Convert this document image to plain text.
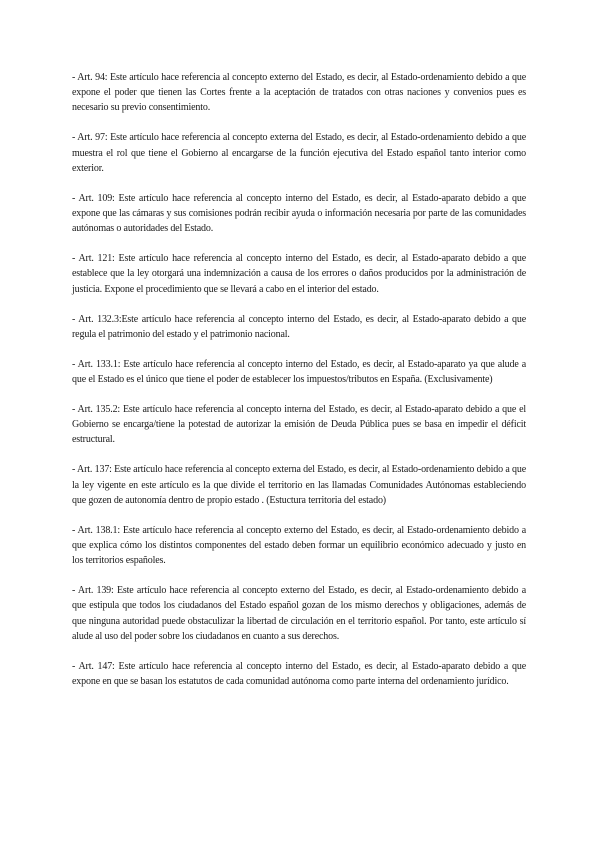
- Art. 94: Este artículo hace referencia al concepto externo del Estado, es decir, al Estado-ordenamiento debido a que expone el poder que tienen las Cortes frente a la aceptación de tratados con otras naciones y convenios pues es necesario su previo consentimiento.

- Art. 97: Este artículo hace referencia al concepto externa del Estado, es decir, al Estado-ordenamiento debido a que muestra el rol que tiene el Gobierno al encargarse de la función ejecutiva del Estado español tanto interior como exterior.

- Art. 109: Este artículo hace referencia al concepto interno del Estado, es decir, al Estado-aparato debido a que expone que las cámaras y sus comisiones podrán recibir ayuda o información necesaria por parte de las comunidades autónomas o autoridades del Estado.

- Art. 121: Este artículo hace referencia al concepto interno del Estado, es decir, al Estado-aparato debido a que establece que la ley otorgará una indemnización a causa de los errores o daños producidos por la administración de justicia. Expone el procedimiento que se llevará a cabo en el interior del estado.

- Art. 132.3:Este artículo hace referencia al concepto interno del Estado, es decir, al Estado-aparato debido a que regula el patrimonio del estado y el patrimonio nacional.

- Art. 133.1: Este artículo hace referencia al concepto interno del Estado, es decir, al Estado-aparato ya que alude a que el Estado es el único que tiene el poder de establecer los impuestos/tributos en España. (Exclusivamente)

- Art. 135.2: Este artículo hace referencia al concepto interna del Estado, es decir, al Estado-aparato debido a que el Gobierno se encarga/tiene la potestad de autorizar la emisión de Deuda Pública pues se basa en impedir el déficit estructural.

- Art. 137: Este artículo hace referencia al concepto externa del Estado, es decir, al Estado-ordenamiento debido a que la ley vigente en este artículo es la que divide el territorio en las llamadas Comunidades Autónomas estableciendo que gozen de autonomía dentro de propio estado . (Estuctura territoria del estado)

- Art. 138.1: Este artículo hace referencia al concepto externo del Estado, es decir, al Estado-ordenamiento debido a que explica cómo los distintos componentes del estado deben formar un equilibrio económico adecuado y justo en los territorios españoles.

- Art. 139: Este artículo hace referencia al concepto externo del Estado, es decir, al Estado-ordenamiento debido a que estipula que todos los ciudadanos del Estado español gozan de los mismo derechos y obligaciones, además de que ninguna autoridad puede obstaculizar la libertad de circulación en el territorio español. Por tanto, este artículo sí alude al uso del poder sobre los ciudadanos en cuanto a sus derechos.

- Art. 147: Este artículo hace referencia al concepto interno del Estado, es decir, al Estado-aparato debido a que expone en que se basan los estatutos de cada comunidad autónoma como parte interna del ordenamiento jurídico.
